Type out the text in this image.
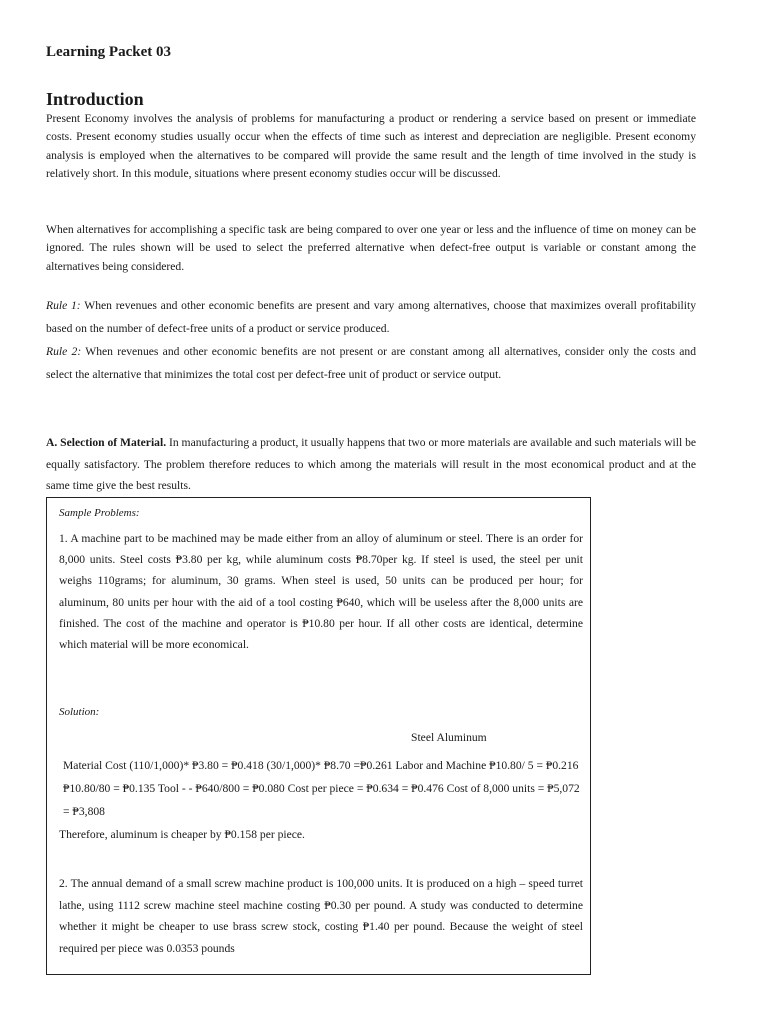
Learning Packet 03
Introduction
Present Economy involves the analysis of problems for manufacturing a product or rendering a service based on present or immediate costs. Present economy studies usually occur when the effects of time such as interest and depreciation are negligible. Present economy analysis is employed when the alternatives to be compared will provide the same result and the length of time involved in the study is relatively short. In this module, situations where present economy studies occur will be discussed.
When alternatives for accomplishing a specific task are being compared to over one year or less and the influence of time on money can be ignored. The rules shown will be used to select the preferred alternative when defect-free output is variable or constant among the alternatives being considered.
Rule 1: When revenues and other economic benefits are present and vary among alternatives, choose that maximizes overall profitability based on the number of defect-free units of a product or service produced.
Rule 2: When revenues and other economic benefits are not present or are constant among all alternatives, consider only the costs and select the alternative that minimizes the total cost per defect-free unit of product or service output.
A. Selection of Material. In manufacturing a product, it usually happens that two or more materials are available and such materials will be equally satisfactory. The problem therefore reduces to which among the materials will result in the most economical product and at the same time give the best results.
Sample Problems:
1. A machine part to be machined may be made either from an alloy of aluminum or steel. There is an order for 8,000 units. Steel costs ₱3.80 per kg, while aluminum costs ₱8.70per kg. If steel is used, the steel per unit weighs 110grams; for aluminum, 30 grams. When steel is used, 50 units can be produced per hour; for aluminum, 80 units per hour with the aid of a tool costing ₱640, which will be useless after the 8,000 units are finished. The cost of the machine and operator is ₱10.80 per hour. If all other costs are identical, determine which material will be more economical.
Solution:
Steel Aluminum
Material Cost (110/1,000)* ₱3.80 = ₱0.418 (30/1,000)* ₱8.70 =₱0.261 Labor and Machine ₱10.80/ 5 = ₱0.216 ₱10.80/80 = ₱0.135 Tool - - ₱640/800 = ₱0.080 Cost per piece = ₱0.634 = ₱0.476 Cost of 8,000 units = ₱5,072 = ₱3,808
Therefore, aluminum is cheaper by ₱0.158 per piece.
2. The annual demand of a small screw machine product is 100,000 units. It is produced on a high – speed turret lathe, using 1112 screw machine steel machine costing ₱0.30 per pound. A study was conducted to determine whether it might be cheaper to use brass screw stock, costing ₱1.40 per pound. Because the weight of steel required per piece was 0.0353 pounds
